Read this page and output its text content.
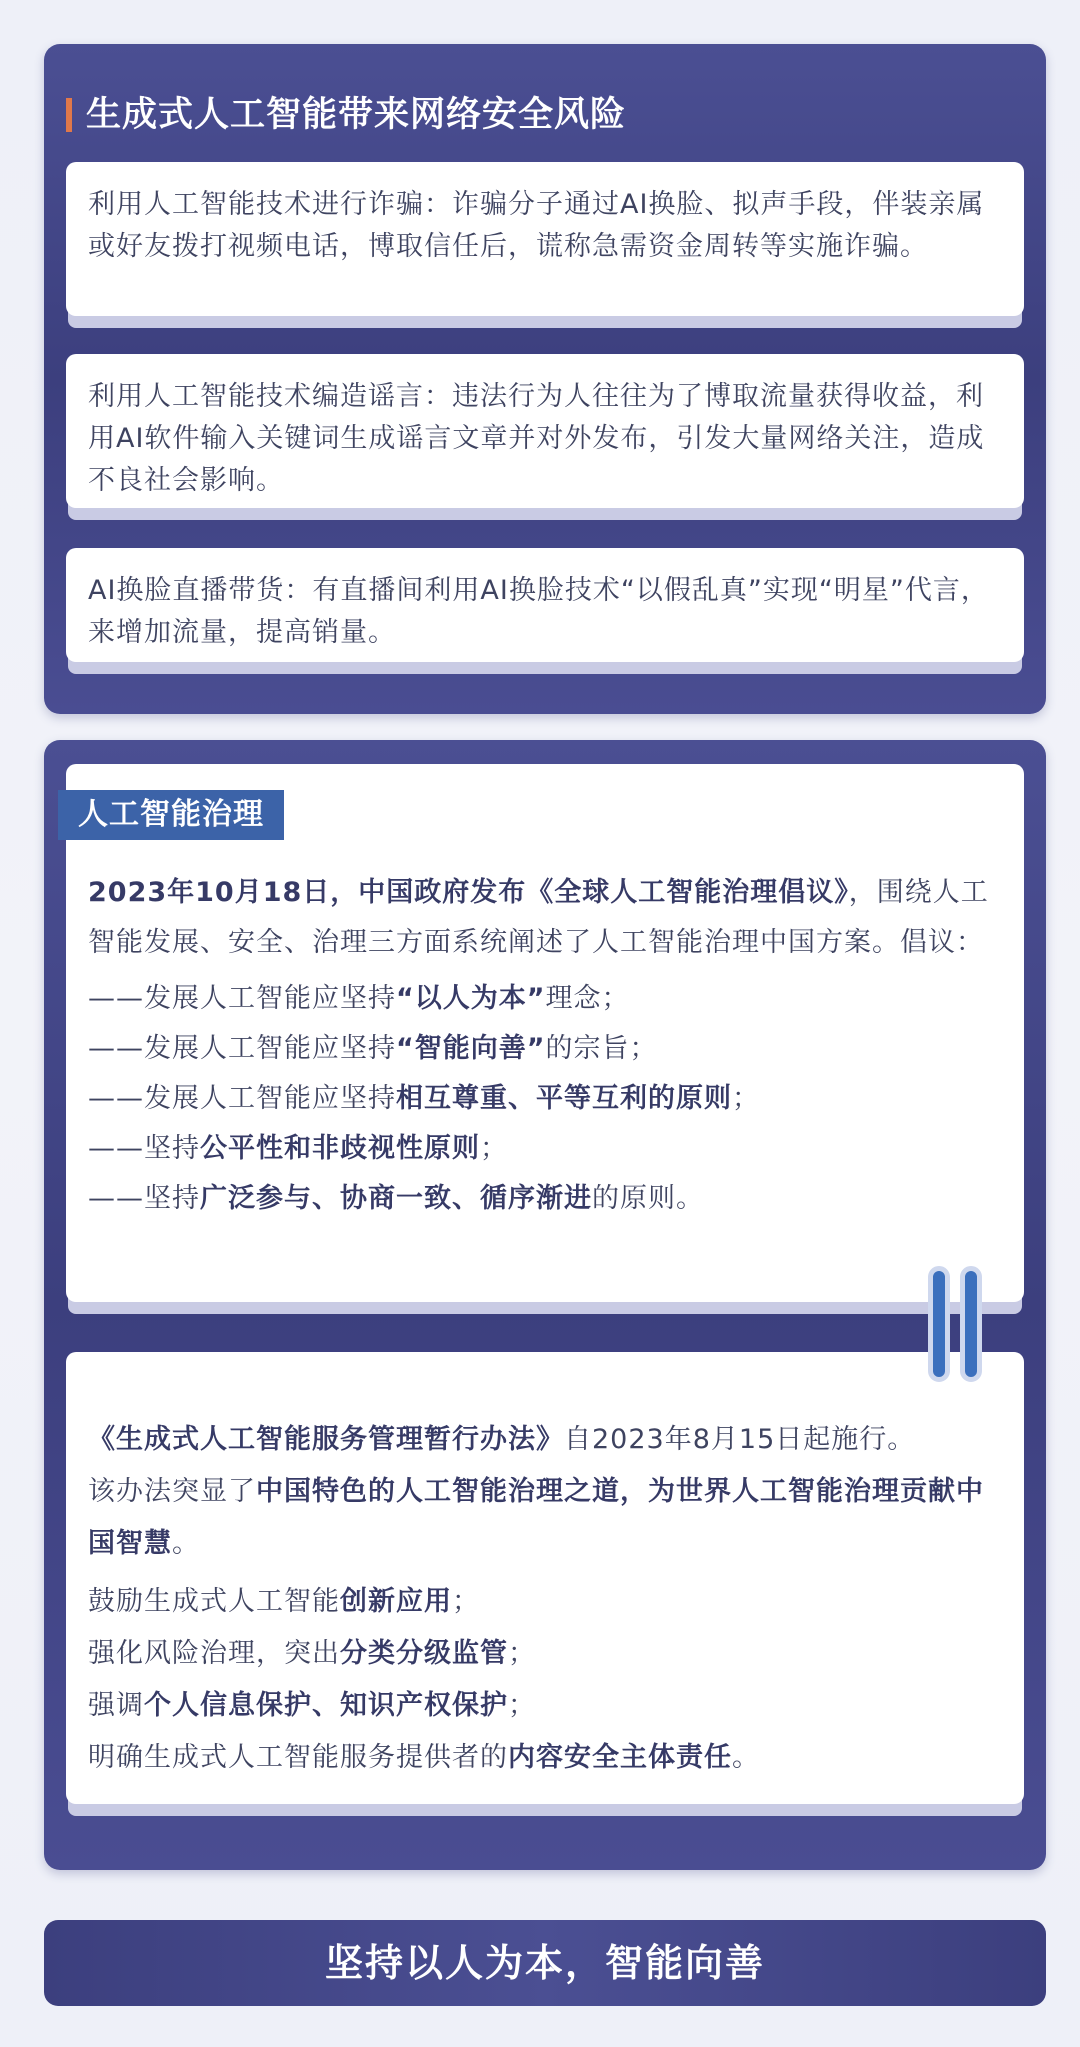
生成式人工智能带来网络安全风险
利用人工智能技术进行诈骗：诈骗分子通过AI换脸、拟声手段，伴装亲属或好友拨打视频电话，博取信任后，谎称急需资金周转等实施诈骗。
利用人工智能技术编造谣言：违法行为人往往为了博取流量获得收益，利用AI软件输入关键词生成谣言文章并对外发布，引发大量网络关注，造成不良社会影响。
AI换脸直播带货：有直播间利用AI换脸技术“以假乱真”实现“明星”代言，来增加流量，提高销量。
人工智能治理
2023年10月18日，中国政府发布《全球人工智能治理倡议》，围绕人工智能发展、安全、治理三方面系统阐述了人工智能治理中国方案。倡议：
——发展人工智能应坚持“以人为本”理念；
——发展人工智能应坚持“智能向善”的宗旨；
——发展人工智能应坚持相互尊重、平等互利的原则；
——坚持公平性和非歧视性原则；
——坚持广泛参与、协商一致、循序渐进的原则。
《生成式人工智能服务管理暂行办法》自2023年8月15日起施行。
该办法突显了中国特色的人工智能治理之道，为世界人工智能治理贡献中国智慧。
鼓励生成式人工智能创新应用；
强化风险治理，突出分类分级监管；
强调个人信息保护、知识产权保护；
明确生成式人工智能服务提供者的内容安全主体责任。
坚持以人为本，智能向善
